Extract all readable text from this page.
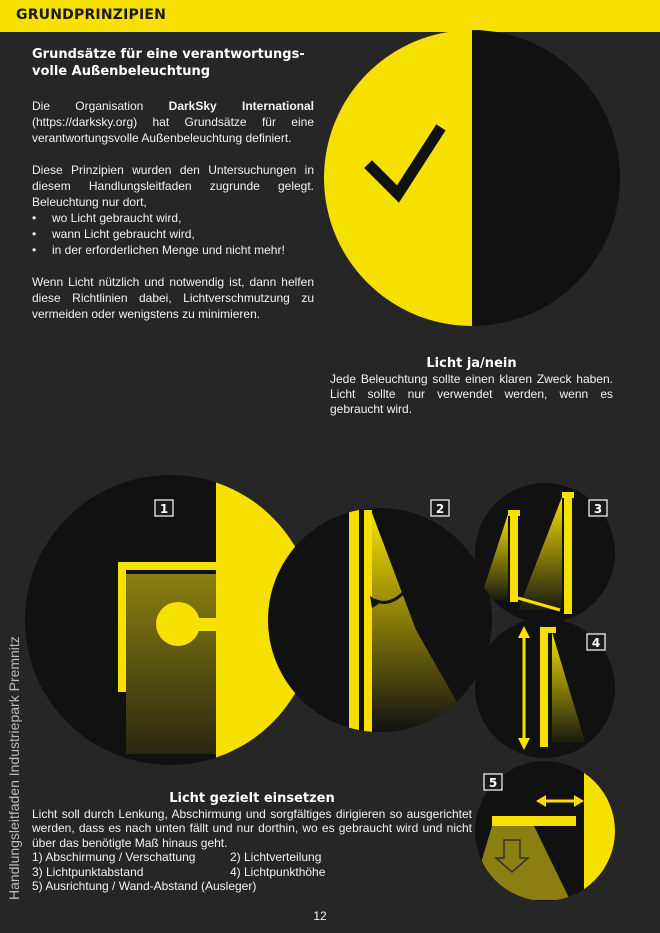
GRUNDPRINZIPIEN
Grundsätze für eine verantwortungs-
volle Außenbeleuchtung

Die Organisation DarkSky International (https://darksky.org) hat Grundsätze für eine verantwortungsvolle Außenbeleuchtung definiert.

Diese Prinzipien wurden den Untersuchungen in diesem Handlungsleitfaden zugrunde gelegt. Beleuchtung nur dort,

• wo Licht gebraucht wird,
• wann Licht gebraucht wird,
• in der erforderlichen Menge und nicht mehr!

Wenn Licht nützlich und notwendig ist, dann helfen diese Richtlinien dabei, Lichtverschmutzung zu vermeiden oder wenigstens zu minimieren.

1	2	3
4
5
Licht ja/nein

Jede Beleuchtung sollte einen klaren Zweck haben. Licht sollte nur verwendet werden, wenn es gebraucht wird.

Licht gezielt einsetzen

Licht soll durch Lenkung, Abschirmung und sorgfältiges dirigieren so ausgerichtet werden, dass es nach unten fällt und nur dorthin, wo es gebraucht wird und nicht über das benötigte Maß hinaus geht.

1) Abschirmung / Verschattung	2) Lichtverteilung
3) Lichtpunktabstand	4) Lichtpunkthöhe
5) Ausrichtung / Wand-Abstand (Ausleger)
Handlungsleitfaden Industriepark Premnitz
12
